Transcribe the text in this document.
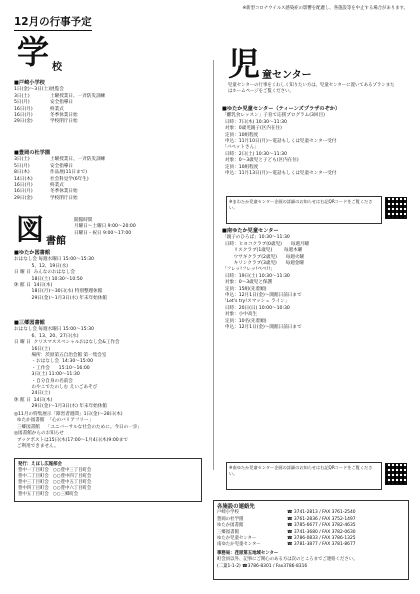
※新型コロナウイルス感染症の影響を配慮し、各施設等を中止する場合があります。
12月の行事予定
学 校	児 童センター
■戸崎小学校
1日(金)〜3日(土) 展覧会
3日(土)	土曜授業日、一斉防災訓練
5日(月)	安全指導日
16日(月)	終業式
16日(月)	冬季休業日始
29日(金)	学校閉庁日始
■豊岡の杜学園
3日(土)	土曜授業日、一斉防災訓練
5日(月)	安全指導日
8日(木)	作品展(11日まで)
14日(木)	社会科見学(6年生)
16日(月)	終業式
16日(月)	冬季休業日始
29日(金)	学校閉庁日始
図 書館
開館時間
月曜日〜土曜日 9:00〜20:00
日曜日・祝日 9:00〜17:00
■ゆたか図書館
おはなし会 毎週水曜日 15:00〜15:30
5、12、19日(水)
日 曜 日  みんなのおはなし会
18日(土) 10:30〜10:50
休 館 日  14日(木)
18日(月)〜30日(水) 特別整理休館
29日(金)〜1月3日(水) 年末年始休館
■三郷図書館
おはなし会 毎週水曜日 15:00〜15:30
6、13、20、27日(水)
日 曜 日  クリスマススペシャルおはなし会&工作会
16日(土)
場所：茨原第五自治会館 第一集会室
・おはなし会  14:30〜15:00
・工作会      15:10〜16:00
3日(土) 11:00〜11:30
・自分自身の名前会
わやこでたのしむ えいごあそび
24日(土)
休 館 日  14日(木)
29日(金)〜1月3日(水) 年末年始休館
◎11月の特集展示「障害者週間」1日(金)〜28日(木)
ゆたか図書館  「心のバリアフリー」
三郷図書館    「ユニバーサルな社会のために。今日の一歩」
◎図書館からのお知らせ
ブックポストは15日(木)17:00〜1月4日(木)9:00まで
ご利用できません。
発行：えほし広報部会
豊中一丁目町会   ○○豊中三丁目町会
豊中二丁目町会   ○○豊中四丁目町会
豊中三丁目町会   ○○豊中五丁目町会
豊中四丁目町会   ○○豊中六丁目町会
豊中五丁目町会   ○○三郷町会
児童センターの行事をくわしく知りたい方は、児童センターに置いてあるプランまたはホームページをご覧ください。
■ゆたか児童センター（ティーンズプラザのぞか）
「離乳食レッスン」子育て応援プログラム(3回目)
日時：7日(木) 10:30〜11:30
対象：0歳児親子(区内在住)
定員：10組程度
申込：11月10日(月)〜電話もしくは児童センター受付
「パペットさん」
日時：2日(土) 10:30〜11:30
対象：0〜3歳児と子ども(区内在住)
定員：10組程度
申込：11月13日(月)〜電話もしくは児童センター受付
※まわたか児童センター企画の詳細のお知らせは右記QRコードをご覧ください。
■南ゆたか児童センター
「親子のひろば」10:30〜11:30
日時：ヒヨコクラブ(0歳児)      毎週月曜
リスクラブ(1歳児)        毎週木曜
ウサギクラブ(2歳児)      毎週火曜
キリンクラブ(3歳児)      毎週金曜
「フレッ!フレッ!ベベ!!」
日時：19日(土) 10:30〜11:30
対象：0〜3歳児と保護
定員：15組(先着順)
申込：12月1日(金)〜開館日前日まで
「Let's try!スマッシュ ライン」
日時：20日(日) 10:00〜10:30
対象：小中高生
定員：10名(先着順)
申込：12月1日(金)〜開館日前日まで
※南ゆたか児童センター企画の詳細のお知らせは右記QRコードをご覧ください。
各施設の連絡先
戸崎小学校	☎ 3741-2813 / FAX 3761-2540
豊岡の杜学園	☎ 3761-2836 / FAX 3752-1497
ゆたか図書館	☎ 3785-6677 / FAX 3782-4635
三郷図書館	☎ 3741-3680 / FAX 3782-0630
ゆたか児童センター	☎ 3786-0833 / FAX 3786-1325
南ゆたか児童センター	☎ 3781-3877 / FAX 3781-8677
事務局：荏原第五地域センター
町会員以外、記事にご関心のある方は次のところまでご連絡ください。
(二葉1-1-2) ☎3786-8301 / Fax3786-8316
